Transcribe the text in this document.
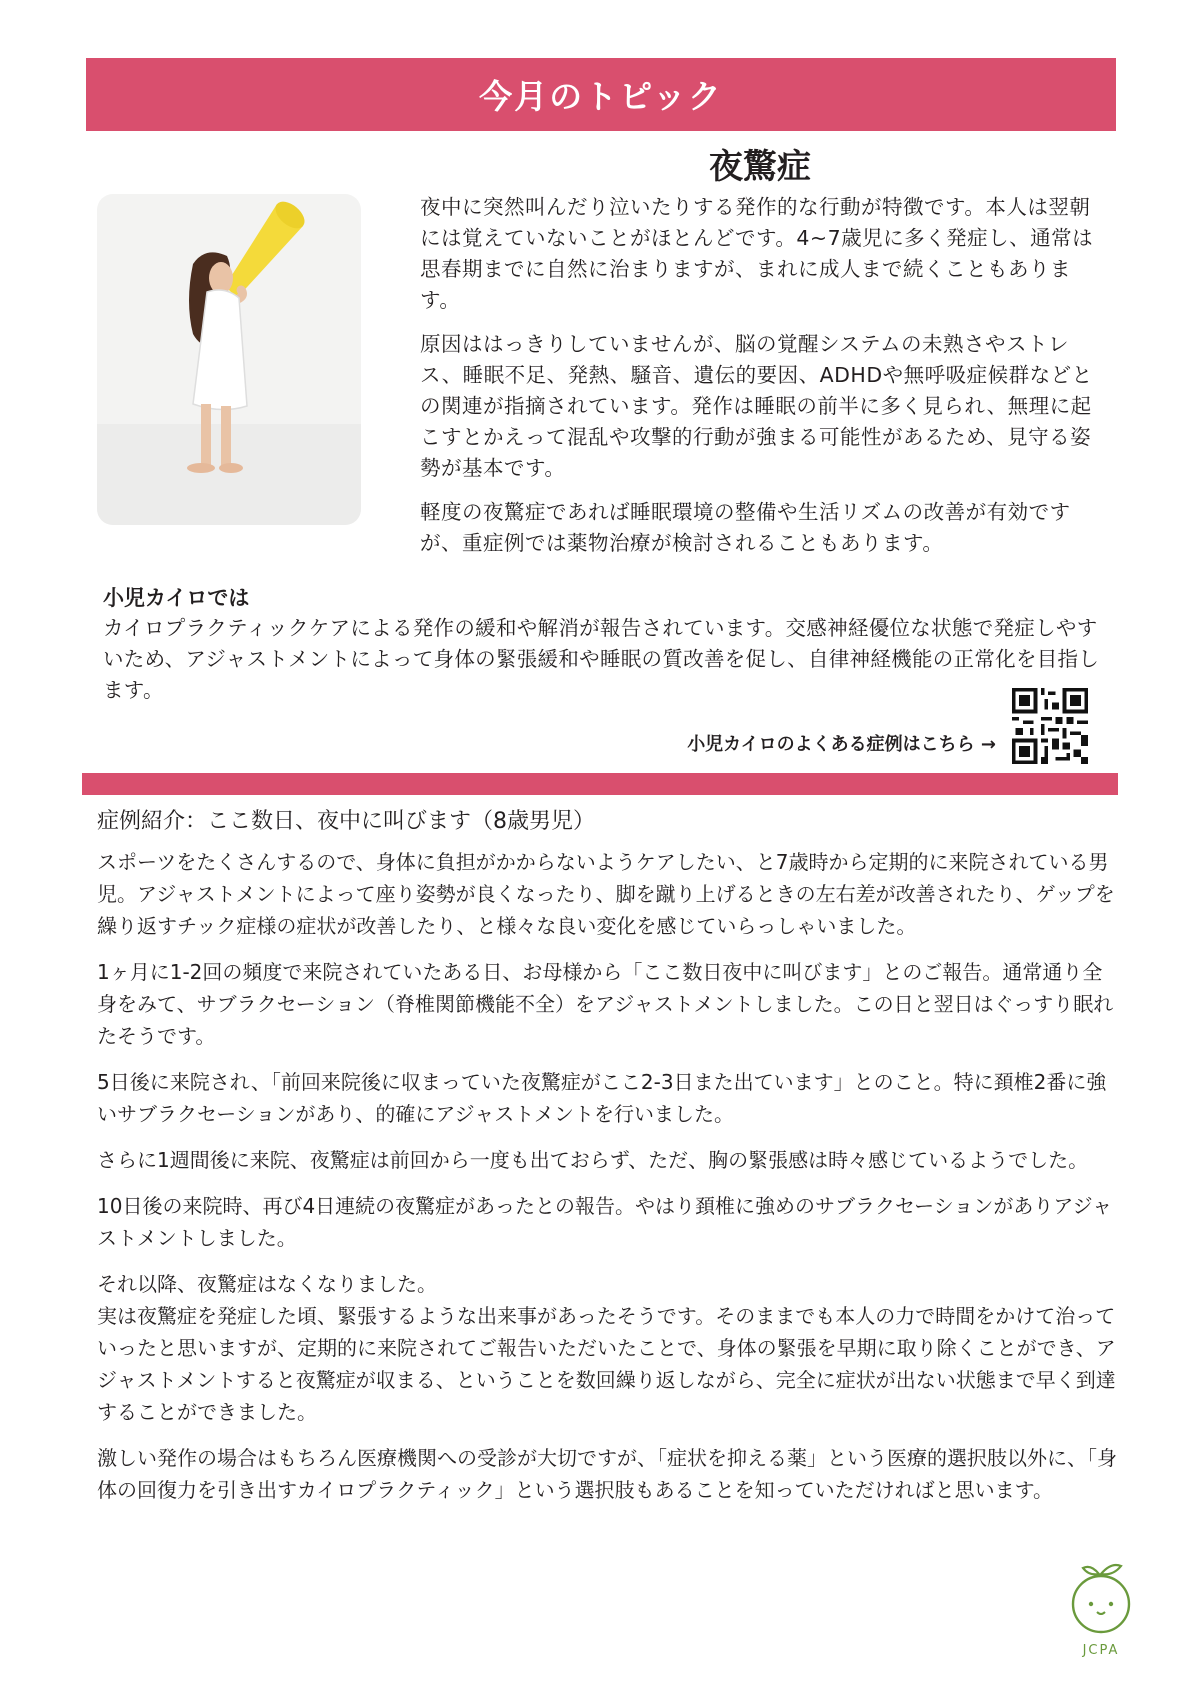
今月のトピック
夜驚症

夜中に突然叫んだり泣いたりする発作的な行動が特徴です。本人は翌朝には覚えていないことがほとんどです。4~7歳児に多く発症し、通常は思春期までに自然に治まりますが、まれに成人まで続くこともあります。

原因ははっきりしていませんが、脳の覚醒システムの未熟さやストレス、睡眠不足、発熱、騒音、遺伝的要因、ADHDや無呼吸症候群などとの関連が指摘されています。発作は睡眠の前半に多く見られ、無理に起こすとかえって混乱や攻撃的行動が強まる可能性があるため、見守る姿勢が基本です。

軽度の夜驚症であれば睡眠環境の整備や生活リズムの改善が有効ですが、重症例では薬物治療が検討されることもあります。

小児カイロでは
カイロプラクティックケアによる発作の緩和や解消が報告されています。交感神経優位な状態で発症しやすいため、アジャストメントによって身体の緊張緩和や睡眠の質改善を促し、自律神経機能の正常化を目指します。
小児カイロのよくある症例はこちら →
症例紹介：ここ数日、夜中に叫びます（8歳男児）

スポーツをたくさんするので、身体に負担がかからないようケアしたい、と7歳時から定期的に来院されている男児。アジャストメントによって座り姿勢が良くなったり、脚を蹴り上げるときの左右差が改善されたり、ゲップを繰り返すチック症様の症状が改善したり、と様々な良い変化を感じていらっしゃいました。

1ヶ月に1-2回の頻度で来院されていたある日、お母様から「ここ数日夜中に叫びます」とのご報告。通常通り全身をみて、サブラクセーション（脊椎関節機能不全）をアジャストメントしました。この日と翌日はぐっすり眠れたそうです。

5日後に来院され、「前回来院後に収まっていた夜驚症がここ2-3日また出ています」とのこと。特に頚椎2番に強いサブラクセーションがあり、的確にアジャストメントを行いました。

さらに1週間後に来院、夜驚症は前回から一度も出ておらず、ただ、胸の緊張感は時々感じているようでした。

10日後の来院時、再び4日連続の夜驚症があったとの報告。やはり頚椎に強めのサブラクセーションがありアジャストメントしました。

それ以降、夜驚症はなくなりました。
実は夜驚症を発症した頃、緊張するような出来事があったそうです。そのままでも本人の力で時間をかけて治っていったと思いますが、定期的に来院されてご報告いただいたことで、身体の緊張を早期に取り除くことができ、アジャストメントすると夜驚症が収まる、ということを数回繰り返しながら、完全に症状が出ない状態まで早く到達することができました。

激しい発作の場合はもちろん医療機関への受診が大切ですが、「症状を抑える薬」という医療的選択肢以外に、「身体の回復力を引き出すカイロプラクティック」という選択肢もあることを知っていただければと思います。

JCPA
